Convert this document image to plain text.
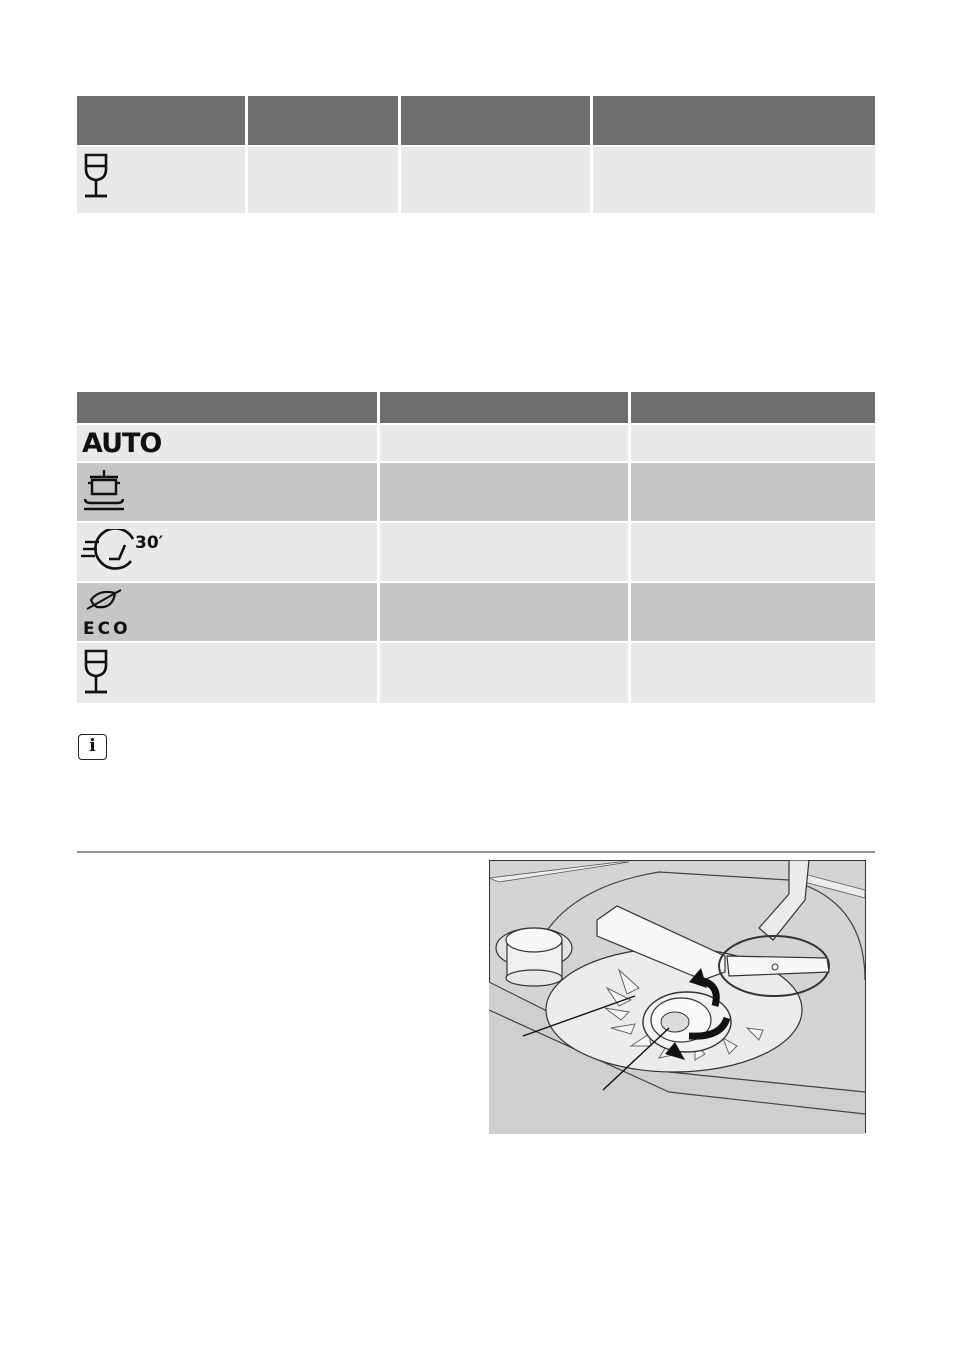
AUTO
30′
ECO
i
